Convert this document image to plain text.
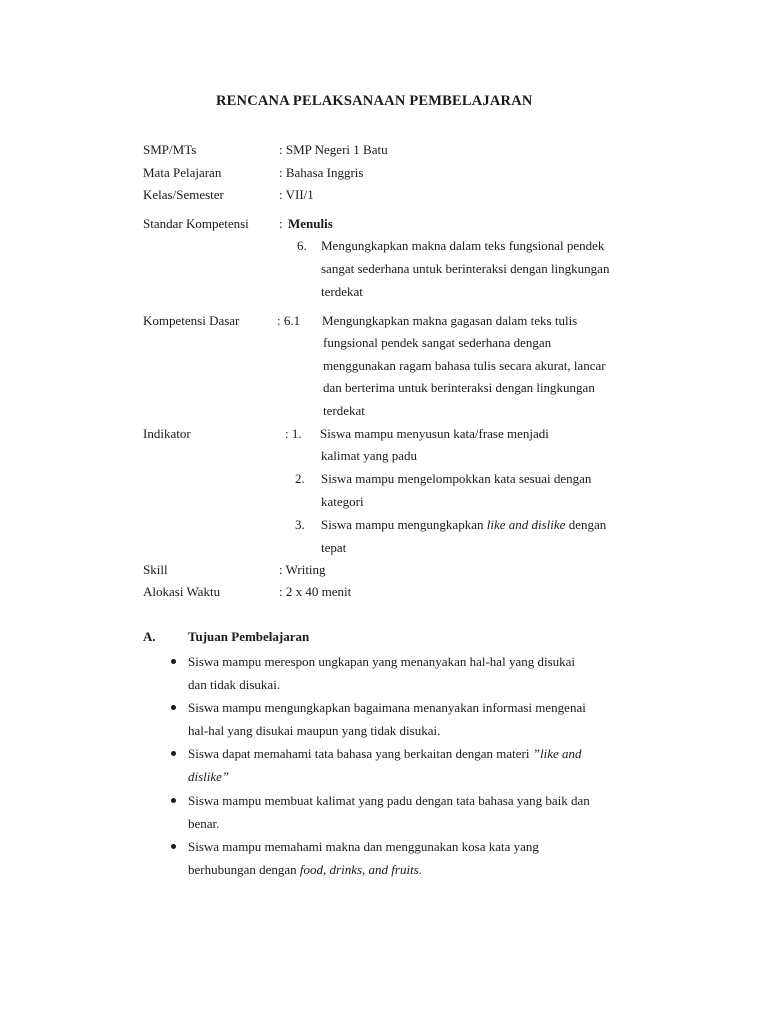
RENCANA PELAKSANAAN PEMBELAJARAN
SMP/MTs	: SMP Negeri 1 Batu
Mata Pelajaran	: Bahasa Inggris
Kelas/Semester	: VII/1
Standar Kompetensi : Menulis
6. Mengungkapkan makna dalam teks fungsional pendek
sangat sederhana untuk berinteraksi dengan lingkungan
terdekat
Kompetensi Dasar	: 6.1 Mengungkapkan makna gagasan dalam teks tulis
fungsional pendek sangat sederhana dengan
menggunakan ragam bahasa tulis secara akurat, lancar
dan berterima untuk berinteraksi dengan lingkungan
terdekat
Indikator	: 1. Siswa mampu menyusun kata/frase menjadi
kalimat yang padu
2. Siswa mampu mengelompokkan kata sesuai dengan
kategori
3. Siswa mampu mengungkapkan like and dislike dengan
tepat
Skill	: Writing
Alokasi Waktu	: 2 x 40 menit
A. Tujuan Pembelajaran
Siswa mampu merespon ungkapan yang menanyakan hal-hal yang disukai
dan tidak disukai.
Siswa mampu mengungkapkan bagaimana menanyakan informasi mengenai
hal-hal yang disukai maupun yang tidak disukai.
Siswa dapat memahami tata bahasa yang berkaitan dengan materi ”like and
dislike”
Siswa mampu membuat kalimat yang padu dengan tata bahasa yang baik dan
benar.
Siswa mampu memahami makna dan menggunakan kosa kata yang
berhubungan dengan food, drinks, and fruits.
